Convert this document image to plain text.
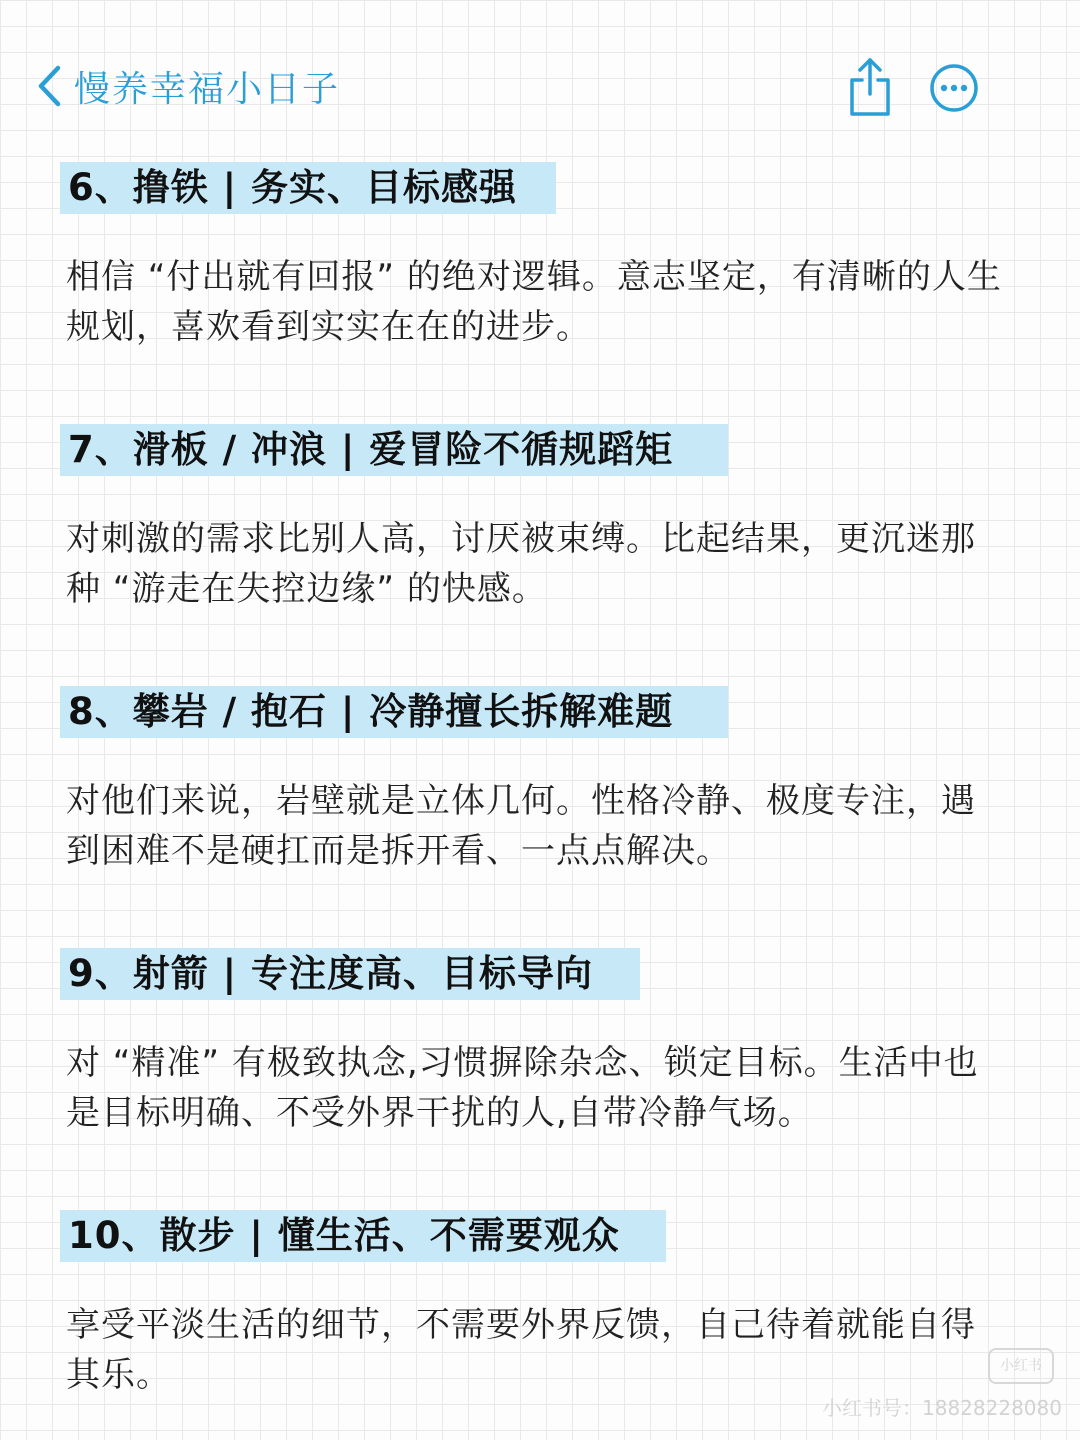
慢养幸福小日子
6、撸铁 | 务实、目标感强
相信 “付出就有回报” 的绝对逻辑。意志坚定，有清晰的人生规划，喜欢看到实实在在的进步。
7、滑板 / 冲浪 | 爱冒险不循规蹈矩
对刺激的需求比别人高，讨厌被束缚。比起结果，更沉迷那种 “游走在失控边缘” 的快感。
8、攀岩 / 抱石 | 冷静擅长拆解难题
对他们来说，岩壁就是立体几何。性格冷静、极度专注，遇到困难不是硬扛而是拆开看、一点点解决。
9、射箭 | 专注度高、目标导向
对 “精准” 有极致执念,习惯摒除杂念、锁定目标。生活中也是目标明确、不受外界干扰的人,自带冷静气场。
10、散步 | 懂生活、不需要观众
享受平淡生活的细节，不需要外界反馈，自己待着就能自得其乐。	小红书
小红书号：18828228080
